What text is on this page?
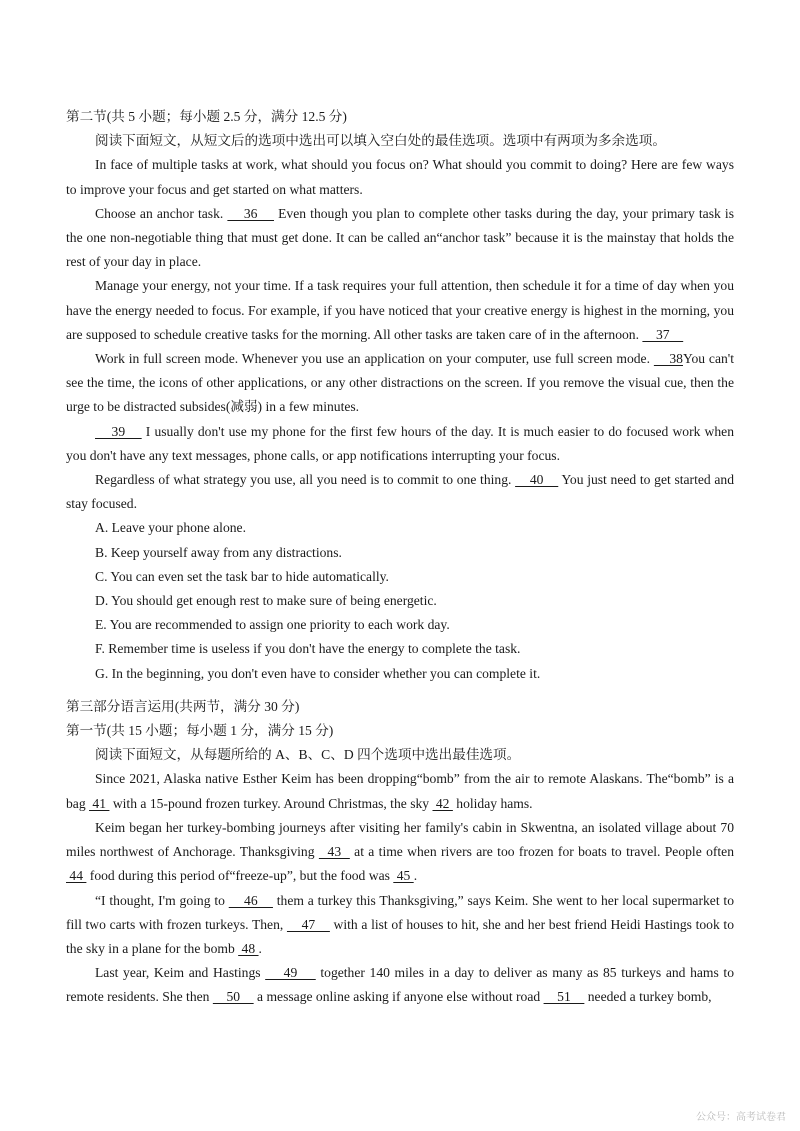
第二节(共 5 小题；每小题 2.5 分，满分 12.5 分)

阅读下面短文，从短文后的选项中选出可以填入空白处的最佳选项。选项中有两项为多余选项。

In face of multiple tasks at work, what should you focus on? What should you commit to doing? Here are few ways to improve your focus and get started on what matters.

Choose an anchor task.     36     Even though you plan to complete other tasks during the day, your primary task is the one non-negotiable thing that must get done. It can be called an“anchor task” because it is the mainstay that holds the rest of your day in place.

Manage your energy, not your time. If a task requires your full attention, then schedule it for a time of day when you have the energy needed to focus. For example, if you have noticed that your creative energy is highest in the morning, you are supposed to schedule creative tasks for the morning. All other tasks are taken care of in the afternoon.     37

Work in full screen mode. Whenever you use an application on your computer, use full screen mode.     38You can't see the time, the icons of other applications, or any other distractions on the screen. If you remove the visual cue, then the urge to be distracted subsides(减弱) in a few minutes.

39     I usually don't use my phone for the first few hours of the day. It is much easier to do focused work when you don't have any text messages, phone calls, or app notifications interrupting your focus.

Regardless of what strategy you use, all you need is to commit to one thing.     40     You just need to get started and stay focused.

A. Leave your phone alone.

B. Keep yourself away from any distractions.

C. You can even set the task bar to hide automatically.

D. You should get enough rest to make sure of being energetic.

E. You are recommended to assign one priority to each work day.

F. Remember time is useless if you don't have the energy to complete the task.

G. In the beginning, you don't even have to consider whether you can complete it.

第三部分语言运用(共两节，满分 30 分)

第一节(共 15 小题；每小题 1 分，满分 15 分)

阅读下面短文，从每题所给的 A、B、C、D 四个选项中选出最佳选项。

Since 2021, Alaska native Esther Keim has been dropping“bomb” from the air to remote Alaskans. The“bomb” is a bag  41  with a 15-pound frozen turkey. Around Christmas, the sky  42  holiday hams.

Keim began her turkey-bombing journeys after visiting her family's cabin in Skwentna, an isolated village about 70 miles northwest of Anchorage. Thanksgiving   43   at a time when rivers are too frozen for boats to travel. People often  44  food during this period of“freeze-up”, but the food was  45 .

“I thought, I'm going to     46     them a turkey this Thanksgiving,” says Keim. She went to her local supermarket to fill two carts with frozen turkeys. Then,     47     with a list of houses to hit, she and her best friend Heidi Hastings took to the sky in a plane for the bomb  48 .

Last year, Keim and Hastings     49     together 140 miles in a day to deliver as many as 85 turkeys and hams to remote residents. She then     50     a message online asking if anyone else without road     51     needed a turkey bomb,

公众号：高考试卷君
